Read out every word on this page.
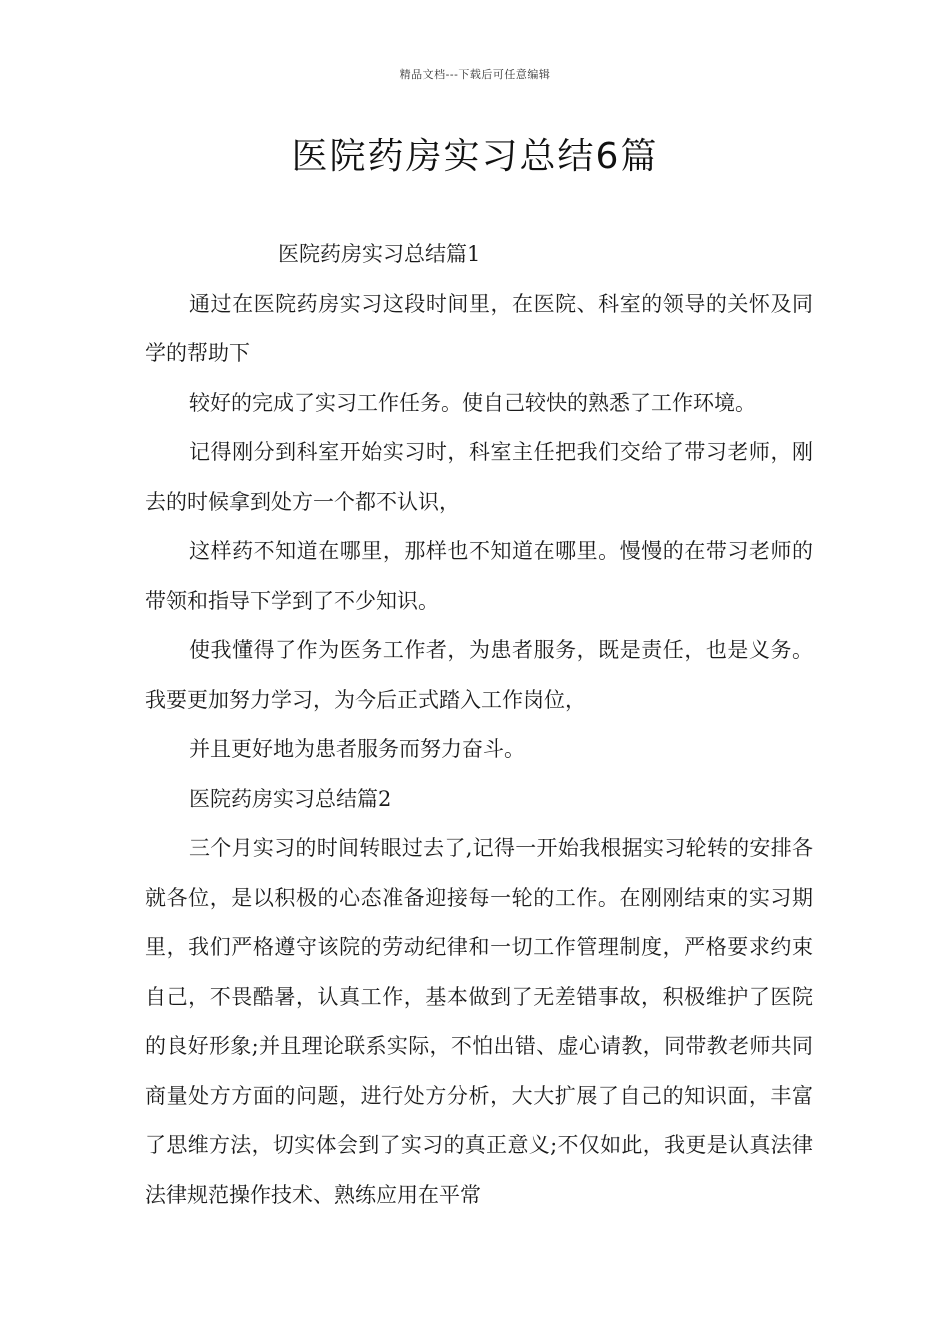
精品文档---下载后可任意编辑
医院药房实习总结6篇

医院药房实习总结篇1

通过在医院药房实习这段时间里，在医院、科室的领导的关怀及同学的帮助下

较好的完成了实习工作任务。使自己较快的熟悉了工作环境。

记得刚分到科室开始实习时，科室主任把我们交给了带习老师，刚去的时候拿到处方一个都不认识，

这样药不知道在哪里，那样也不知道在哪里。慢慢的在带习老师的带领和指导下学到了不少知识。

使我懂得了作为医务工作者，为患者服务，既是责任，也是义务。我要更加努力学习，为今后正式踏入工作岗位，

并且更好地为患者服务而努力奋斗。

医院药房实习总结篇2

三个月实习的时间转眼过去了,记得一开始我根据实习轮转的安排各就各位，是以积极的心态准备迎接每一轮的工作。在刚刚结束的实习期里，我们严格遵守该院的劳动纪律和一切工作管理制度，严格要求约束自己，不畏酷暑，认真工作，基本做到了无差错事故，积极维护了医院的良好形象;并且理论联系实际，不怕出错、虚心请教，同带教老师共同商量处方方面的问题，进行处方分析，大大扩展了自己的知识面，丰富了思维方法，切实体会到了实习的真正意义;不仅如此，我更是认真法律法律规范操作技术、熟练应用在平常
